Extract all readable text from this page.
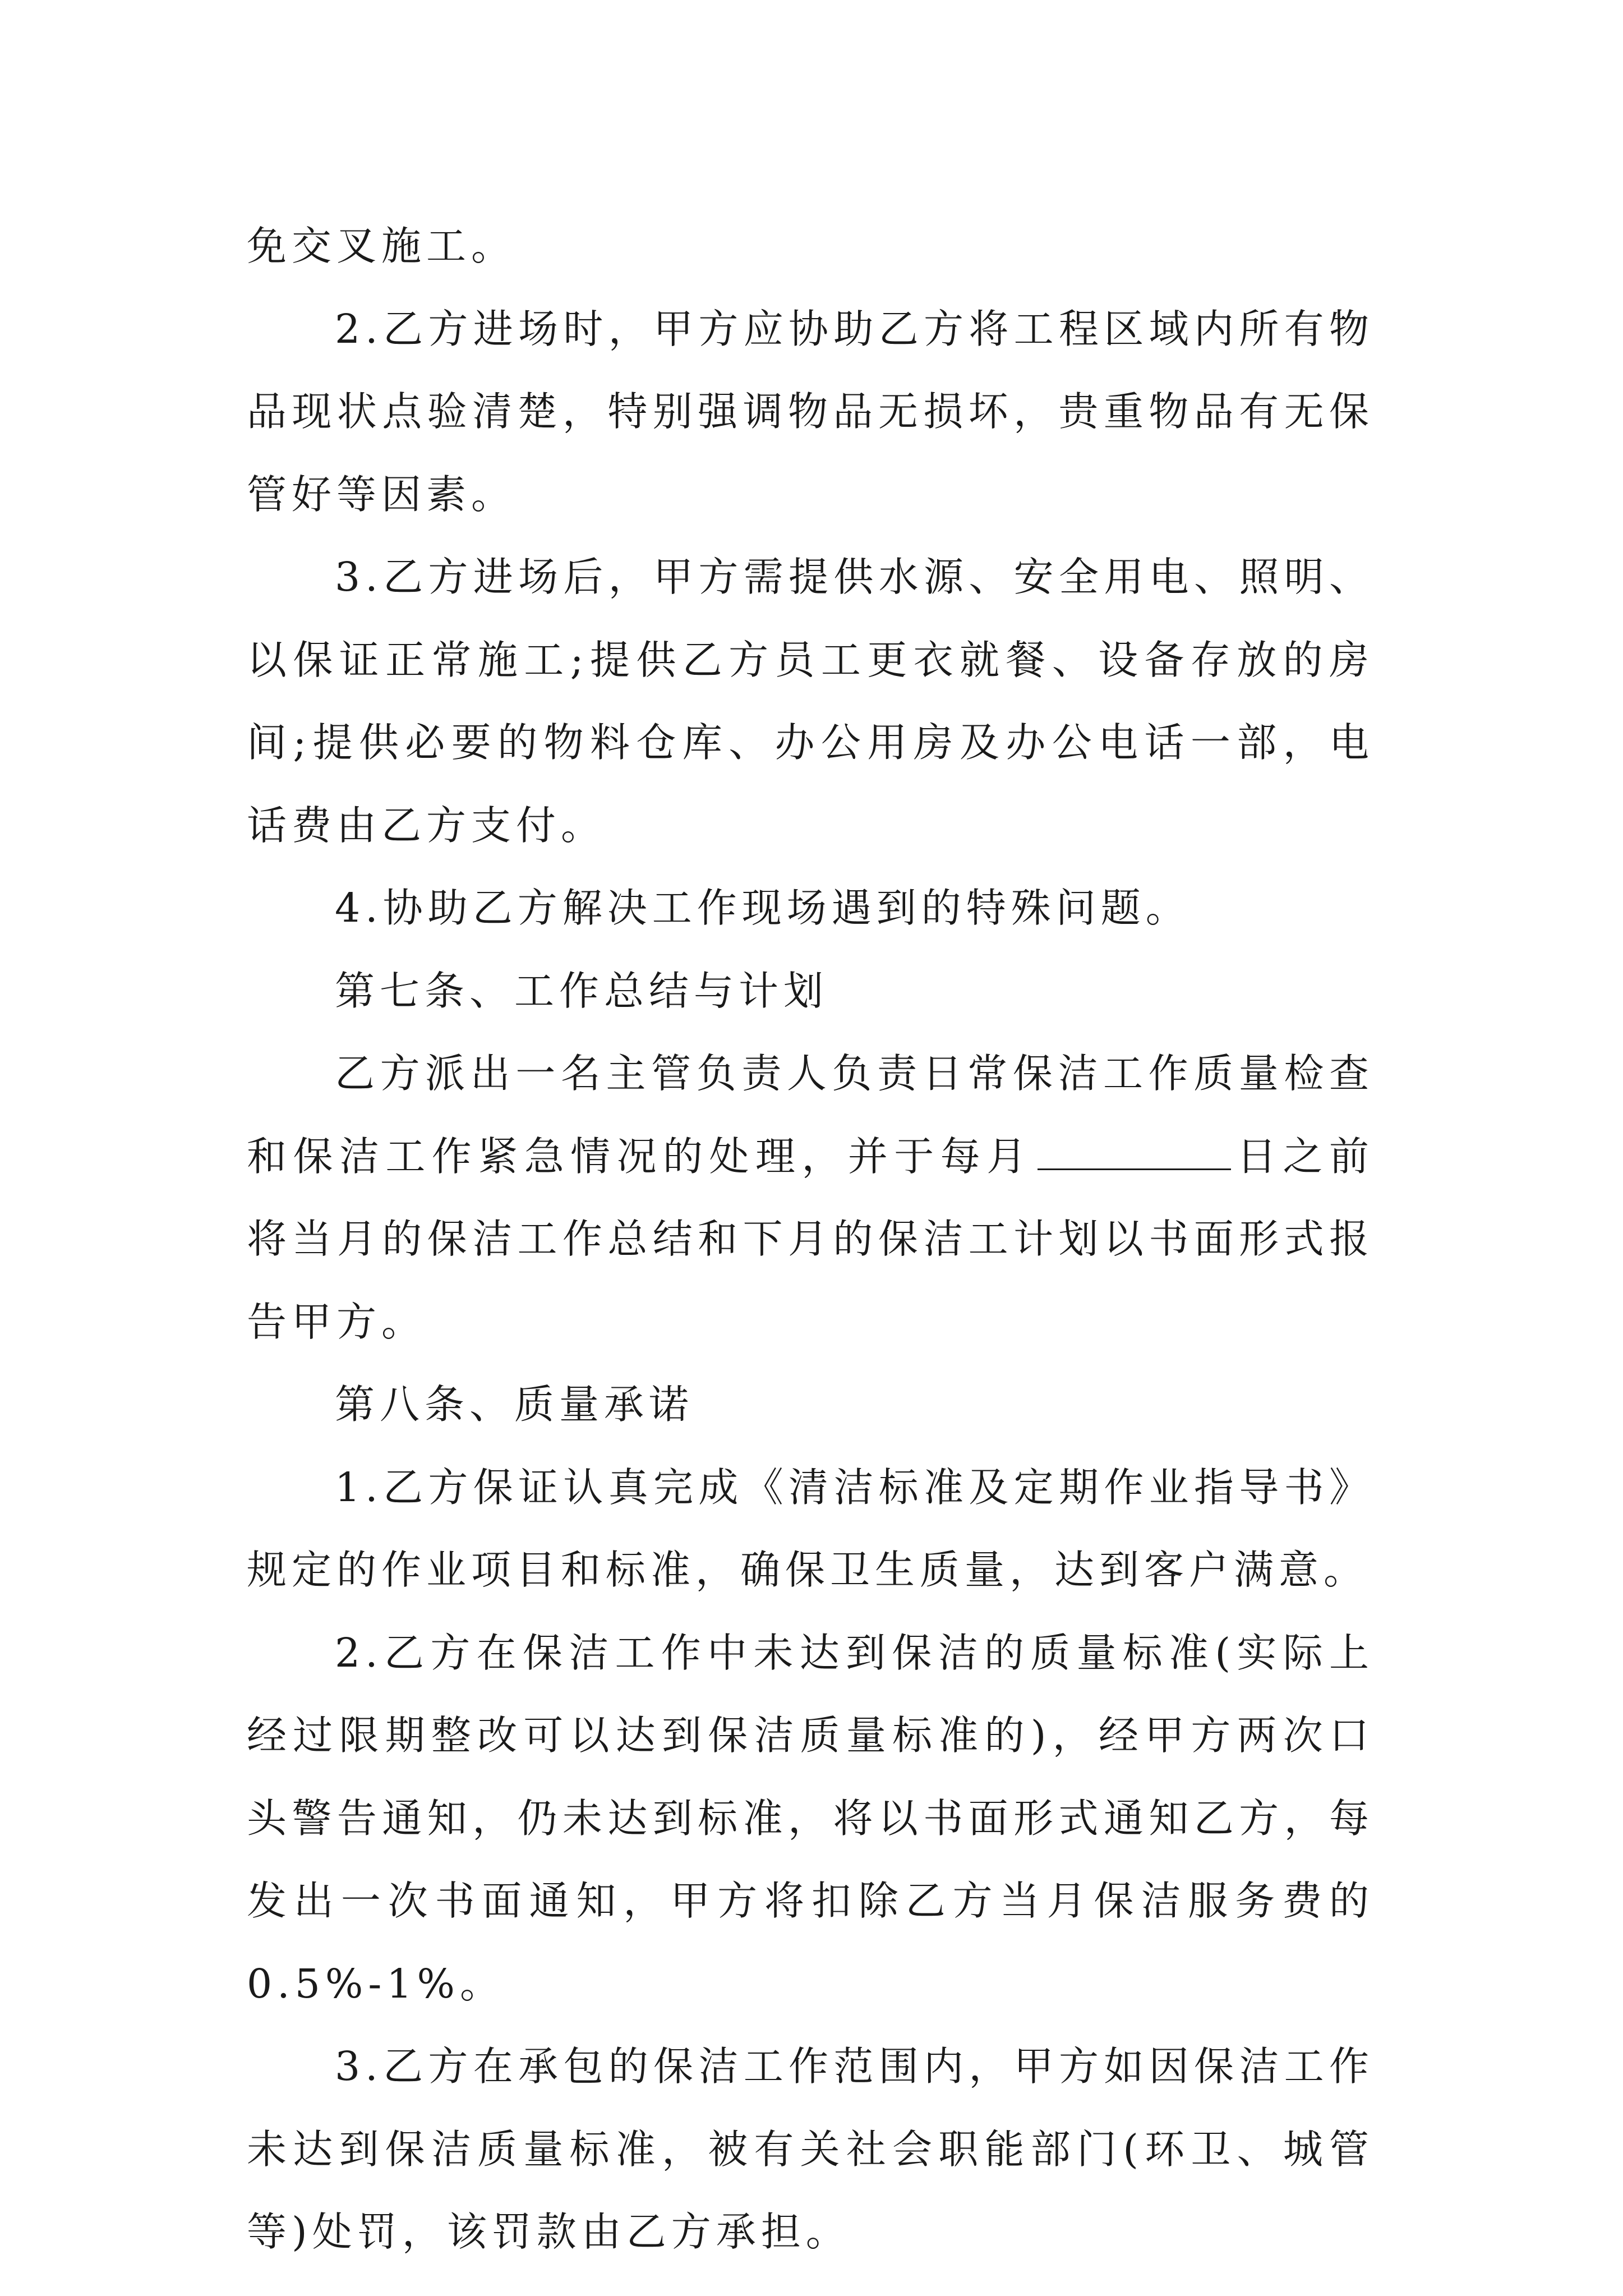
免交叉施工。

2.乙方进场时，甲方应协助乙方将工程区域内所有物品现状点验清楚，特别强调物品无损坏，贵重物品有无保管好等因素。

3.乙方进场后，甲方需提供水源、安全用电、照明、以保证正常施工;提供乙方员工更衣就餐、设备存放的房间;提供必要的物料仓库、办公用房及办公电话一部，电话费由乙方支付。

4.协助乙方解决工作现场遇到的特殊问题。

第七条、工作总结与计划

乙方派出一名主管负责人负责日常保洁工作质量检查和保洁工作紧急情况的处理，并于每月	日之前将当月的保洁工作总结和下月的保洁工计划以书面形式报告甲方。

第八条、质量承诺

1.乙方保证认真完成《清洁标准及定期作业指导书》规定的作业项目和标准，确保卫生质量，达到客户满意。

2.乙方在保洁工作中未达到保洁的质量标准(实际上经过限期整改可以达到保洁质量标准的)，经甲方两次口头警告通知，仍未达到标准，将以书面形式通知乙方，每发出一次书面通知，甲方将扣除乙方当月保洁服务费的0.5%-1%。

3.乙方在承包的保洁工作范围内，甲方如因保洁工作未达到保洁质量标准，被有关社会职能部门(环卫、城管等)处罚，该罚款由乙方承担。
